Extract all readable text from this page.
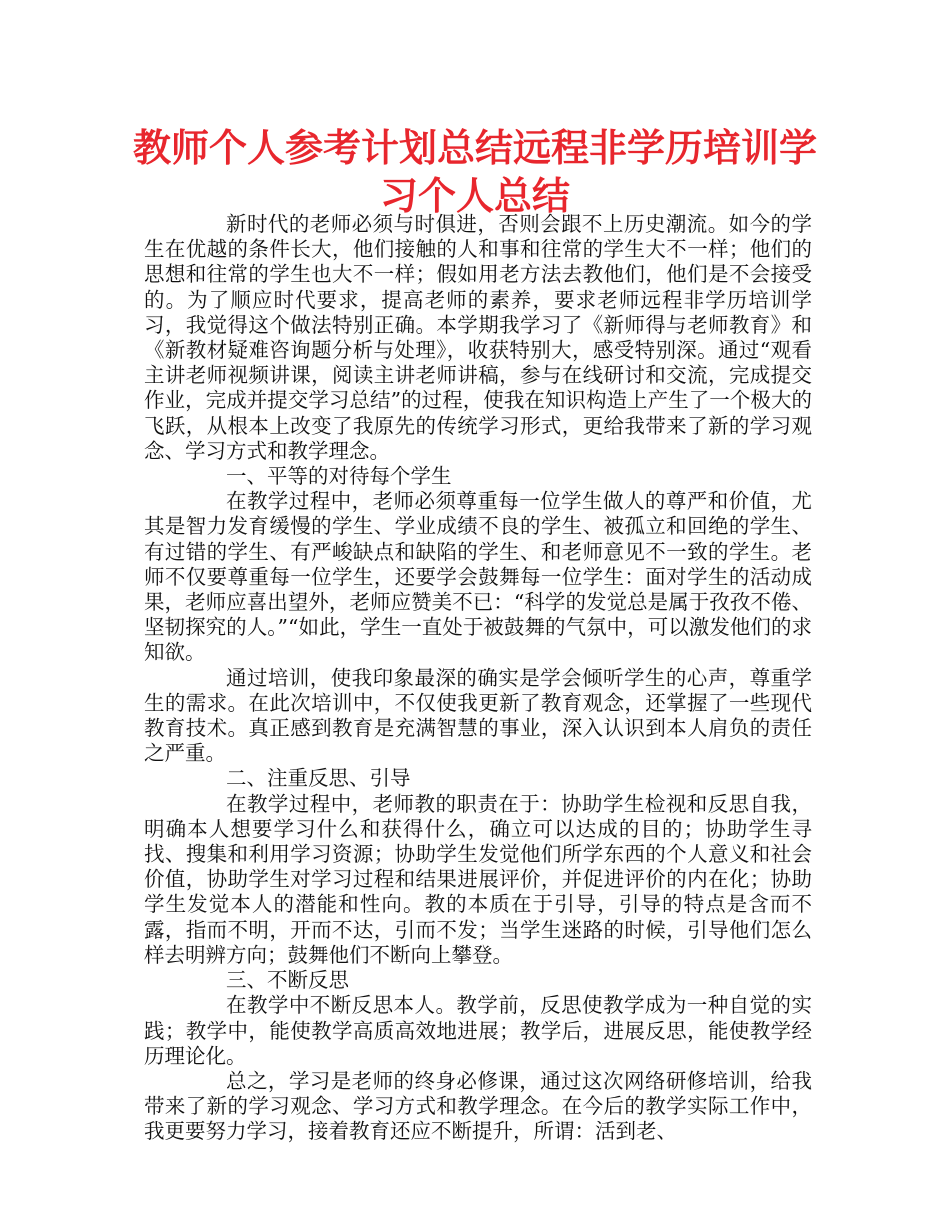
教师个人参考计划总结远程非学历培训学习个人总结

新时代的老师必须与时俱进，否则会跟不上历史潮流。如今的学生在优越的条件长大，他们接触的人和事和往常的学生大不一样；他们的思想和往常的学生也大不一样；假如用老方法去教他们，他们是不会接受的。为了顺应时代要求，提高老师的素养，要求老师远程非学历培训学习，我觉得这个做法特别正确。本学期我学习了《新师得与老师教育》和《新教材疑难咨询题分析与处理》，收获特别大，感受特别深。通过“观看主讲老师视频讲课，阅读主讲老师讲稿，参与在线研讨和交流，完成提交作业，完成并提交学习总结”的过程，使我在知识构造上产生了一个极大的飞跃，从根本上改变了我原先的传统学习形式，更给我带来了新的学习观念、学习方式和教学理念。

一、平等的对待每个学生

在教学过程中，老师必须尊重每一位学生做人的尊严和价值，尤其是智力发育缓慢的学生、学业成绩不良的学生、被孤立和回绝的学生、有过错的学生、有严峻缺点和缺陷的学生、和老师意见不一致的学生。老师不仅要尊重每一位学生，还要学会鼓舞每一位学生：面对学生的活动成果，老师应喜出望外，老师应赞美不已：“科学的发觉总是属于孜孜不倦、坚韧探究的人。”“如此，学生一直处于被鼓舞的气氛中，可以激发他们的求知欲。

通过培训，使我印象最深的确实是学会倾听学生的心声，尊重学生的需求。在此次培训中，不仅使我更新了教育观念，还掌握了一些现代教育技术。真正感到教育是充满智慧的事业，深入认识到本人肩负的责任之严重。

二、注重反思、引导

在教学过程中，老师教的职责在于：协助学生检视和反思自我，明确本人想要学习什么和获得什么，确立可以达成的目的；协助学生寻找、搜集和利用学习资源；协助学生发觉他们所学东西的个人意义和社会价值，协助学生对学习过程和结果进展评价，并促进评价的内在化；协助学生发觉本人的潜能和性向。教的本质在于引导，引导的特点是含而不露，指而不明，开而不达，引而不发；当学生迷路的时候，引导他们怎么样去明辨方向；鼓舞他们不断向上攀登。

三、不断反思

在教学中不断反思本人。教学前，反思使教学成为一种自觉的实践；教学中，能使教学高质高效地进展；教学后，进展反思，能使教学经历理论化。

总之，学习是老师的终身必修课，通过这次网络研修培训，给我带来了新的学习观念、学习方式和教学理念。在今后的教学实际工作中，我更要努力学习，接着教育还应不断提升，所谓：活到老、
